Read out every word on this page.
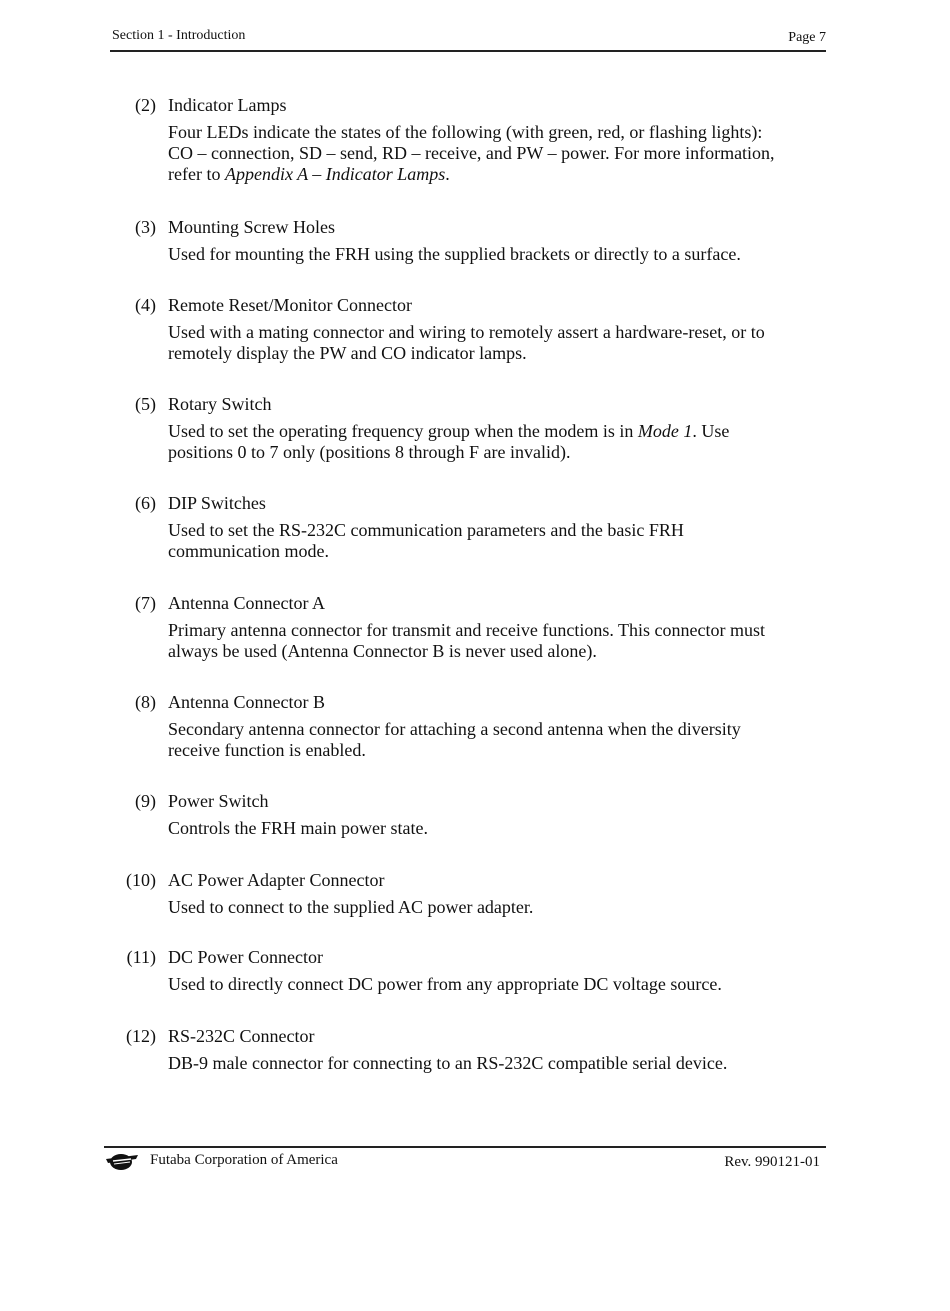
Section 1 - Introduction	Page 7
(2) Indicator Lamps

Four LEDs indicate the states of the following (with green, red, or flashing lights):

CO – connection, SD – send, RD – receive, and PW – power. For more information,

refer to Appendix A – Indicator Lamps.

(3) Mounting Screw Holes

Used for mounting the FRH using the supplied brackets or directly to a surface.

(4) Remote Reset/Monitor Connector

Used with a mating connector and wiring to remotely assert a hardware-reset, or to

remotely display the PW and CO indicator lamps.

(5) Rotary Switch

Used to set the operating frequency group when the modem is in Mode 1. Use

positions 0 to 7 only (positions 8 through F are invalid).

(6) DIP Switches

Used to set the RS-232C communication parameters and the basic FRH

communication mode.

(7) Antenna Connector A

Primary antenna connector for transmit and receive functions. This connector must

always be used (Antenna Connector B is never used alone).

(8) Antenna Connector B

Secondary antenna connector for attaching a second antenna when the diversity

receive function is enabled.

(9) Power Switch

Controls the FRH main power state.

(10) AC Power Adapter Connector

Used to connect to the supplied AC power adapter.

(11) DC Power Connector

Used to directly connect DC power from any appropriate DC voltage source.

(12) RS-232C Connector

DB-9 male connector for connecting to an RS-232C compatible serial device.

Futaba Corporation of America	Rev. 990121-01
